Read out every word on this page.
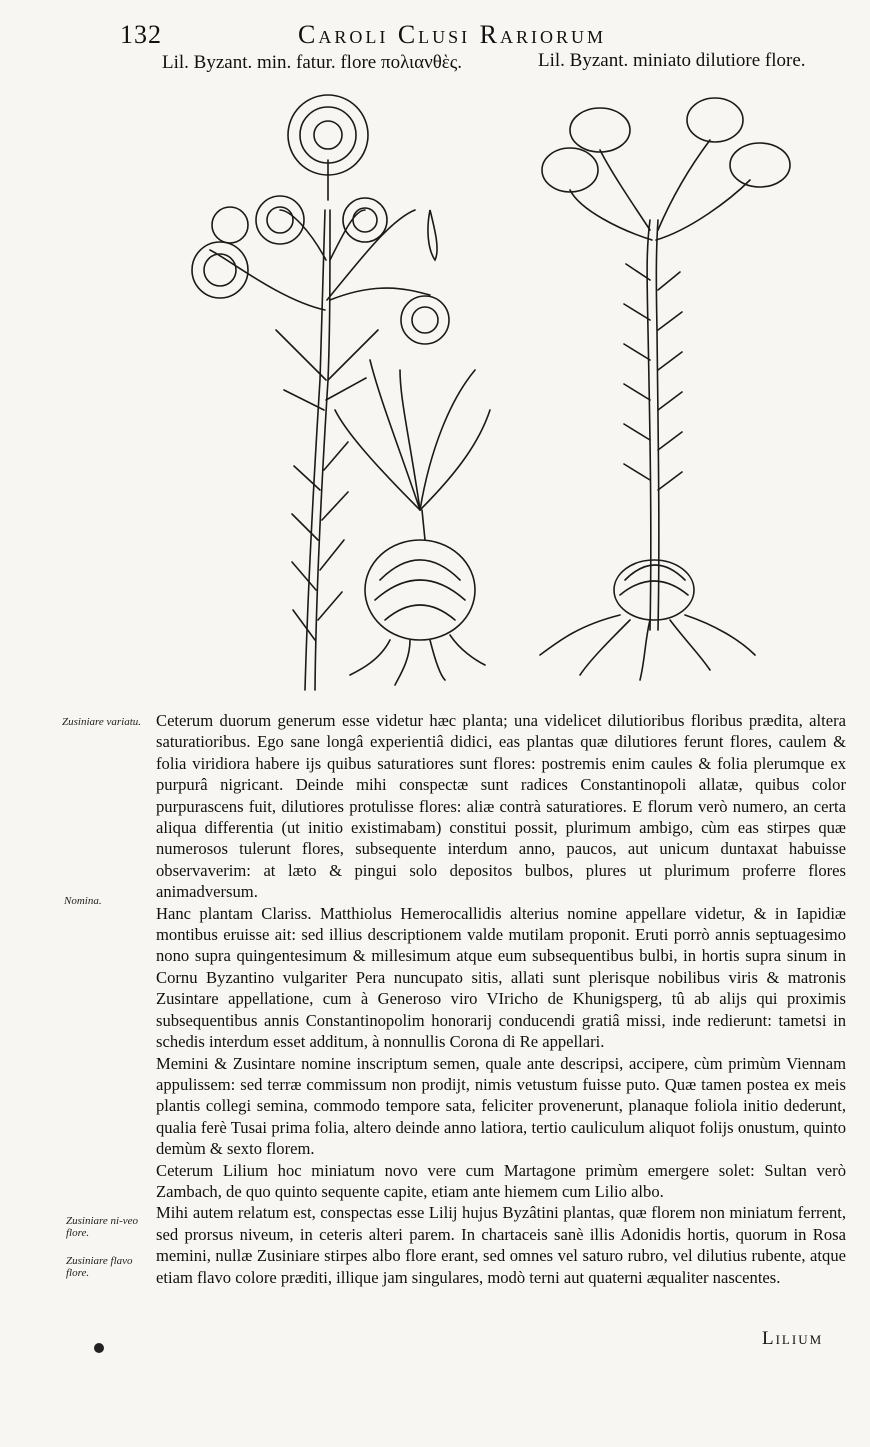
132	Caroli Clusi Rariorum
Lil. Byzant. min. fatur. flore πολιανθὲς.	Lil. Byzant. miniato dilutiore flore.
Zusiniare variatu.
Nomina.
Zusiniare ni-veo flore.
Zusiniare flavo flore.

Ceterum duorum generum esse videtur hæc planta; una videlicet dilutioribus floribus prædita, altera saturatioribus. Ego sane longâ experientiâ didici, eas plantas quæ dilutiores ferunt flores, caulem & folia viridiora habere ijs quibus saturatiores sunt flores: postremis enim caules & folia plerumque ex purpurâ nigricant. Deinde mihi conspectæ sunt radices Constantinopoli allatæ, quibus color purpurascens fuit, dilutiores protulisse flores: aliæ contrà saturatiores. E florum verò numero, an certa aliqua differentia (ut initio existimabam) constitui possit, plurimum ambigo, cùm eas stirpes quæ numerosos tulerunt flores, subsequente interdum anno, paucos, aut unicum duntaxat habuisse observaverim: at læto & pingui solo depositos bulbos, plures ut plurimum proferre flores animadversum.

Hanc plantam Clariss. Matthiolus Hemerocallidis alterius nomine appellare videtur, & in Iapidiæ montibus eruisse ait: sed illius descriptionem valde mutilam proponit. Eruti porrò annis septuagesimo nono supra quingentesimum & millesimum atque eum subsequentibus bulbi, in hortis supra sinum in Cornu Byzantino vulgariter Pera nuncupato sitis, allati sunt plerisque nobilibus viris & matronis Zusintare appellatione, cum à Generoso viro VIricho de Khunigsperg, tû ab alijs qui proximis subsequentibus annis Constantinopolim honorarij conducendi gratiâ missi, inde redierunt: tametsi in schedis interdum esset additum, à nonnullis Corona di Re appellari.

Memini & Zusintare nomine inscriptum semen, quale ante descripsi, accipere, cùm primùm Viennam appulissem: sed terræ commissum non prodijt, nimis vetustum fuisse puto. Quæ tamen postea ex meis plantis collegi semina, commodo tempore sata, feliciter provenerunt, planaque foliola initio dederunt, qualia ferè Tusai prima folia, altero deinde anno latiora, tertio cauliculum aliquot folijs onustum, quinto demùm & sexto florem.

Ceterum Lilium hoc miniatum novo vere cum Martagone primùm emergere solet: Sultan verò Zambach, de quo quinto sequente capite, etiam ante hiemem cum Lilio albo.

Mihi autem relatum est, conspectas esse Lilij hujus Byzâtini plantas, quæ florem non miniatum ferrent, sed prorsus niveum, in ceteris alteri parem. In chartaceis sanè illis Adonidis hortis, quorum in Rosa memini, nullæ Zusiniare stirpes albo flore erant, sed omnes vel saturo rubro, vel dilutius rubente, atque etiam flavo colore præditi, illique jam singulares, modò terni aut quaterni æqualiter nascentes.

Lilium
